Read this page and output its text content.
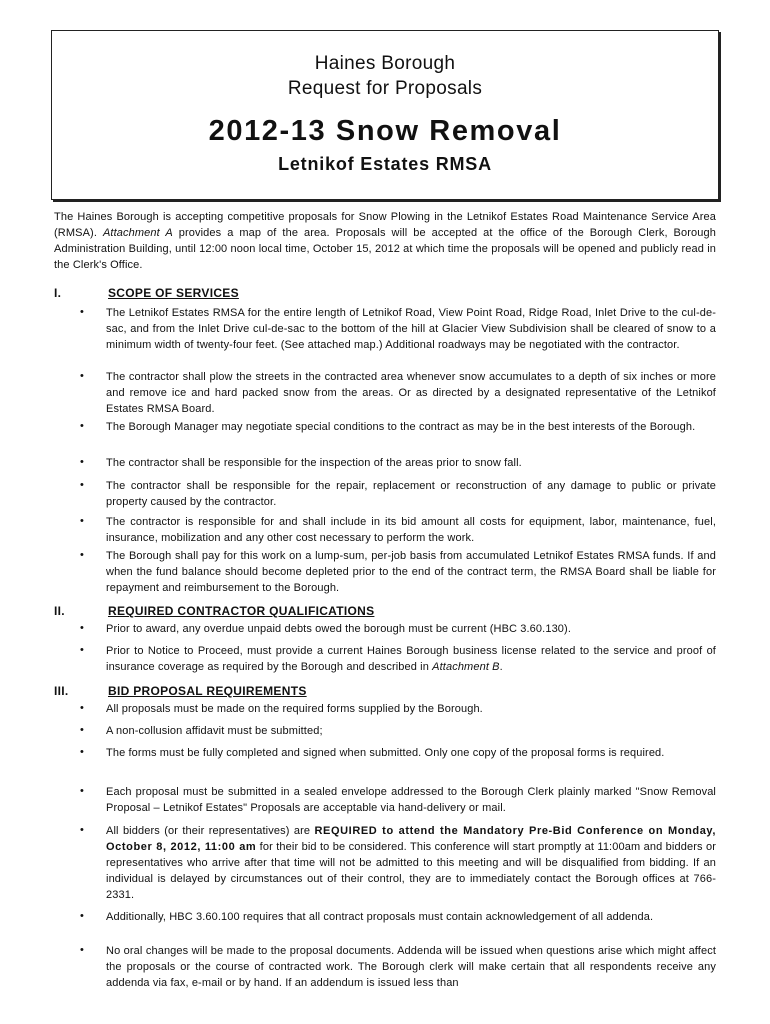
Haines Borough
Request for Proposals
2012-13 Snow Removal
Letnikof Estates RMSA
The Haines Borough is accepting competitive proposals for Snow Plowing in the Letnikof Estates Road Maintenance Service Area (RMSA). Attachment A provides a map of the area. Proposals will be accepted at the office of the Borough Clerk, Borough Administration Building, until 12:00 noon local time, October 15, 2012 at which time the proposals will be opened and publicly read in the Clerk's Office.
I.	SCOPE OF SERVICES
• The Letnikof Estates RMSA for the entire length of Letnikof Road, View Point Road, Ridge Road, Inlet Drive to the cul-de-sac, and from the Inlet Drive cul-de-sac to the bottom of the hill at Glacier View Subdivision shall be cleared of snow to a minimum width of twenty-four feet. (See attached map.) Additional roadways may be negotiated with the contractor.
• The contractor shall plow the streets in the contracted area whenever snow accumulates to a depth of six inches or more and remove ice and hard packed snow from the areas. Or as directed by a designated representative of the Letnikof Estates RMSA Board.
• The Borough Manager may negotiate special conditions to the contract as may be in the best interests of the Borough.
• The contractor shall be responsible for the inspection of the areas prior to snow fall.
• The contractor shall be responsible for the repair, replacement or reconstruction of any damage to public or private property caused by the contractor.
• The contractor is responsible for and shall include in its bid amount all costs for equipment, labor, maintenance, fuel, insurance, mobilization and any other cost necessary to perform the work.
• The Borough shall pay for this work on a lump-sum, per-job basis from accumulated Letnikof Estates RMSA funds. If and when the fund balance should become depleted prior to the end of the contract term, the RMSA Board shall be liable for repayment and reimbursement to the Borough.
II.	REQUIRED CONTRACTOR QUALIFICATIONS
• Prior to award, any overdue unpaid debts owed the borough must be current (HBC 3.60.130).
• Prior to Notice to Proceed, must provide a current Haines Borough business license related to the service and proof of insurance coverage as required by the Borough and described in Attachment B.
III.	BID PROPOSAL REQUIREMENTS
• All proposals must be made on the required forms supplied by the Borough.
• A non-collusion affidavit must be submitted;
• The forms must be fully completed and signed when submitted. Only one copy of the proposal forms is required.
• Each proposal must be submitted in a sealed envelope addressed to the Borough Clerk plainly marked "Snow Removal Proposal – Letnikof Estates" Proposals are acceptable via hand-delivery or mail.
• All bidders (or their representatives) are REQUIRED to attend the Mandatory Pre-Bid Conference on Monday, October 8, 2012, 11:00 am for their bid to be considered. This conference will start promptly at 11:00am and bidders or representatives who arrive after that time will not be admitted to this meeting and will be disqualified from bidding. If an individual is delayed by circumstances out of their control, they are to immediately contact the Borough offices at 766-2331.
• Additionally, HBC 3.60.100 requires that all contract proposals must contain acknowledgement of all addenda.
• No oral changes will be made to the proposal documents. Addenda will be issued when questions arise which might affect the proposals or the course of contracted work. The Borough clerk will make certain that all respondents receive any addenda via fax, e-mail or by hand. If an addendum is issued less than
